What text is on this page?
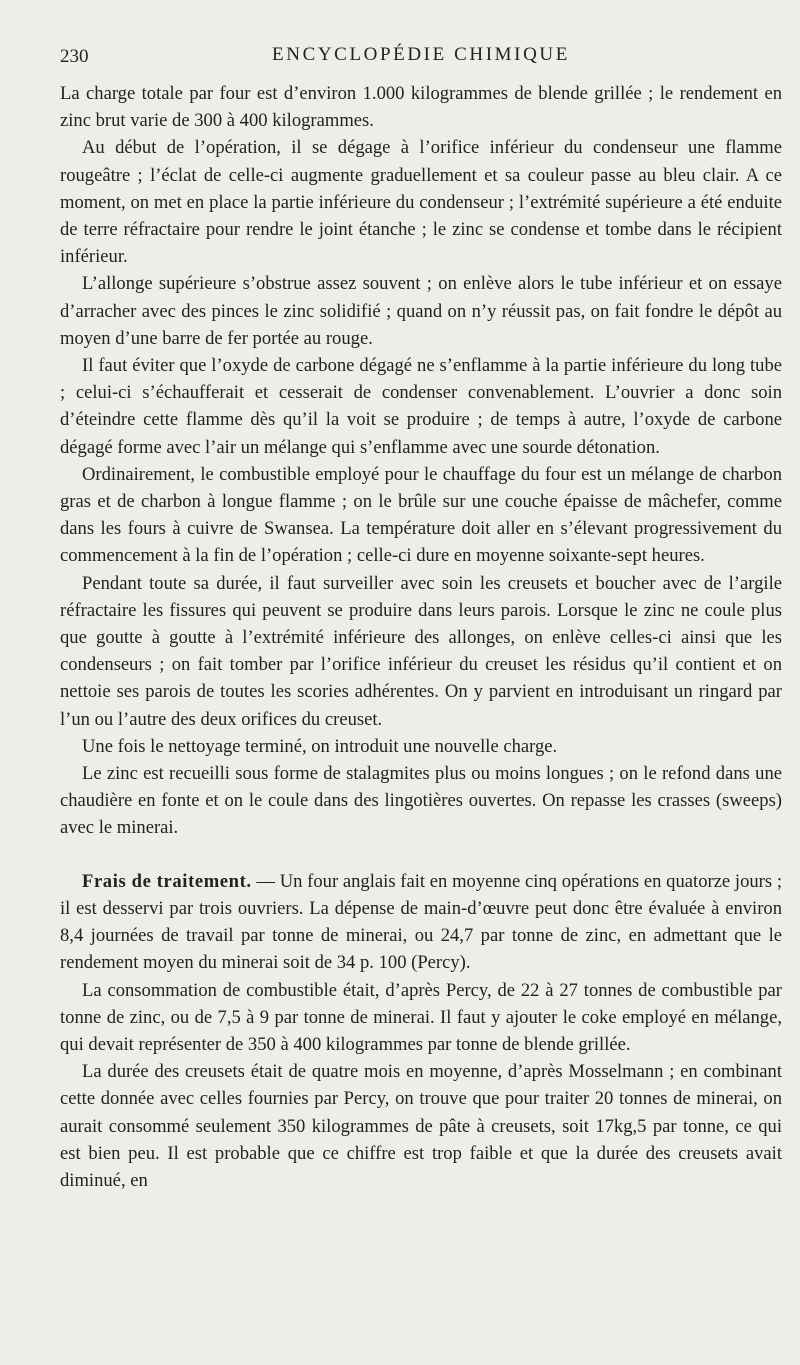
230	ENCYCLOPÉDIE CHIMIQUE

La charge totale par four est d’environ 1.000 kilogrammes de blende grillée ; le rendement en zinc brut varie de 300 à 400 kilogrammes.

Au début de l’opération, il se dégage à l’orifice inférieur du condenseur une flamme rougeâtre ; l’éclat de celle-ci augmente graduellement et sa couleur passe au bleu clair. A ce moment, on met en place la partie inférieure du condenseur ; l’extrémité supérieure a été enduite de terre réfractaire pour rendre le joint étanche ; le zinc se condense et tombe dans le récipient inférieur.

L’allonge supérieure s’obstrue assez souvent ; on enlève alors le tube inférieur et on essaye d’arracher avec des pinces le zinc solidifié ; quand on n’y réussit pas, on fait fondre le dépôt au moyen d’une barre de fer portée au rouge.

Il faut éviter que l’oxyde de carbone dégagé ne s’enflamme à la partie inférieure du long tube ; celui-ci s’échaufferait et cesserait de condenser convenablement. L’ouvrier a donc soin d’éteindre cette flamme dès qu’il la voit se produire ; de temps à autre, l’oxyde de carbone dégagé forme avec l’air un mélange qui s’enflamme avec une sourde détonation.

Ordinairement, le combustible employé pour le chauffage du four est un mélange de charbon gras et de charbon à longue flamme ; on le brûle sur une couche épaisse de mâchefer, comme dans les fours à cuivre de Swansea. La température doit aller en s’élevant progressivement du commencement à la fin de l’opération ; celle-ci dure en moyenne soixante-sept heures.

Pendant toute sa durée, il faut surveiller avec soin les creusets et boucher avec de l’argile réfractaire les fissures qui peuvent se produire dans leurs parois. Lorsque le zinc ne coule plus que goutte à goutte à l’extrémité inférieure des allonges, on enlève celles-ci ainsi que les condenseurs ; on fait tomber par l’orifice inférieur du creuset les résidus qu’il contient et on nettoie ses parois de toutes les scories adhérentes. On y parvient en introduisant un ringard par l’un ou l’autre des deux orifices du creuset.

Une fois le nettoyage terminé, on introduit une nouvelle charge.

Le zinc est recueilli sous forme de stalagmites plus ou moins longues ; on le refond dans une chaudière en fonte et on le coule dans des lingotières ouvertes. On repasse les crasses (sweeps) avec le minerai.

Frais de traitement. — Un four anglais fait en moyenne cinq opérations en quatorze jours ; il est desservi par trois ouvriers. La dépense de main-d’œuvre peut donc être évaluée à environ 8,4 journées de travail par tonne de minerai, ou 24,7 par tonne de zinc, en admettant que le rendement moyen du minerai soit de 34 p. 100 (Percy).

La consommation de combustible était, d’après Percy, de 22 à 27 tonnes de combustible par tonne de zinc, ou de 7,5 à 9 par tonne de minerai. Il faut y ajouter le coke employé en mélange, qui devait représenter de 350 à 400 kilogrammes par tonne de blende grillée.

La durée des creusets était de quatre mois en moyenne, d’après Mosselmann ; en combinant cette donnée avec celles fournies par Percy, on trouve que pour traiter 20 tonnes de minerai, on aurait consommé seulement 350 kilogrammes de pâte à creusets, soit 17kg,5 par tonne, ce qui est bien peu. Il est probable que ce chiffre est trop faible et que la durée des creusets avait diminué, en
